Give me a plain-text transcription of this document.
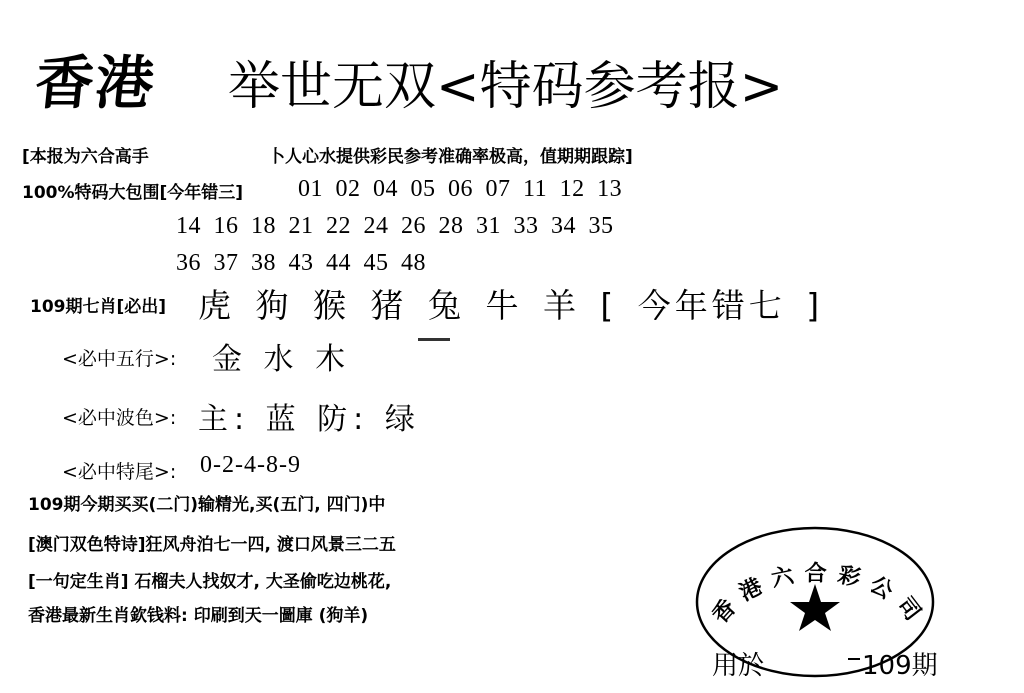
香港 举世无双<特码参考报>
[本报为六合高手	卜人心水提供彩民参考准确率极高，值期期跟踪]
100%特码大包围[今年错三] 01 02 04 05 06 07 11 12 13
14 16 18 21 22 24 26 28 31 33 34 35
36 37 38 43 44 45 48
109期七肖[必出] 虎 狗 猴 猪 兔 牛 羊 [ 今年错七 ]
<必中五行>: 金 水 木
<必中波色>: 主: 蓝 防: 绿
<必中特尾>: 0-2-4-8-9
109期今期买买(二门)输精光,买(五门, 四门)中
[澳门双色特诗]狂风舟泊七一四, 渡口风景三二五
[一句定生肖] 石榴夫人找奴才, 大圣偷吃边桃花,
香港最新生肖欽钱料: 印刷到天一圖庫 (狗羊)	香港六合彩公司
用於	109期
